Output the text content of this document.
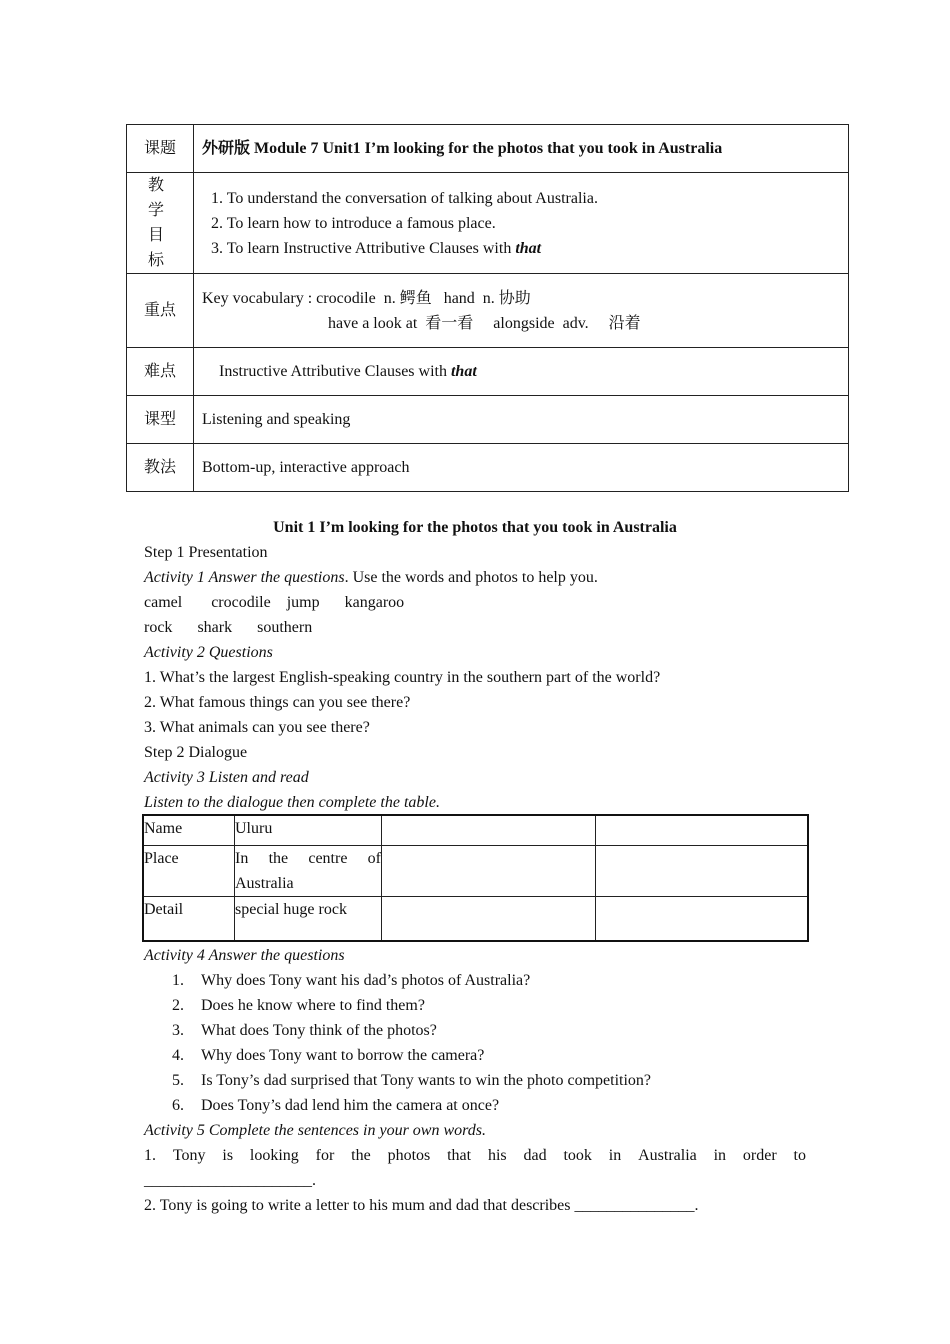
课题	外研版 Module 7 Unit1 I’m looking for the photos that you took in Australia
教 学 目 标	1. To understand the conversation of talking about Australia.
2. To learn how to introduce a famous place.
3. To learn Instructive Attributive Clauses with that

重点	Key vocabulary : crocodile  n. 鳄鱼   hand  n. 协助
have a look at  看一看     alongside  adv.     沿着

难点	Instructive Attributive Clauses with that
课型	Listening and speaking
教法	Bottom-up, interactive approach
Unit 1 I’m looking for the photos that you took in Australia
Step 1 Presentation
Activity 1 Answer the questions. Use the words and photos to help you.
camel crocodile jump kangaroo
rock shark southern
Activity 2 Questions
1. What’s the largest English-speaking country in the southern part of the world?
2. What famous things can you see there?
3. What animals can you see there?
Step 2 Dialogue
Activity 3 Listen and read
Listen to the dialogue then complete the table.
Name	Uluru		
Place	In the centre of Australia		
Detail	special huge rock		
Activity 4 Answer the questions
1. Why does Tony want his dad’s photos of Australia?
2. Does he know where to find them?
3. What does Tony think of the photos?
4. Why does Tony want to borrow the camera?
5. Is Tony’s dad surprised that Tony wants to win the photo competition?
6. Does Tony’s dad lend him the camera at once?
Activity 5 Complete the sentences in your own words.
1. Tony is looking for the photos that his dad took in Australia in order to
_____________________.
2. Tony is going to write a letter to his mum and dad that describes _______________.
